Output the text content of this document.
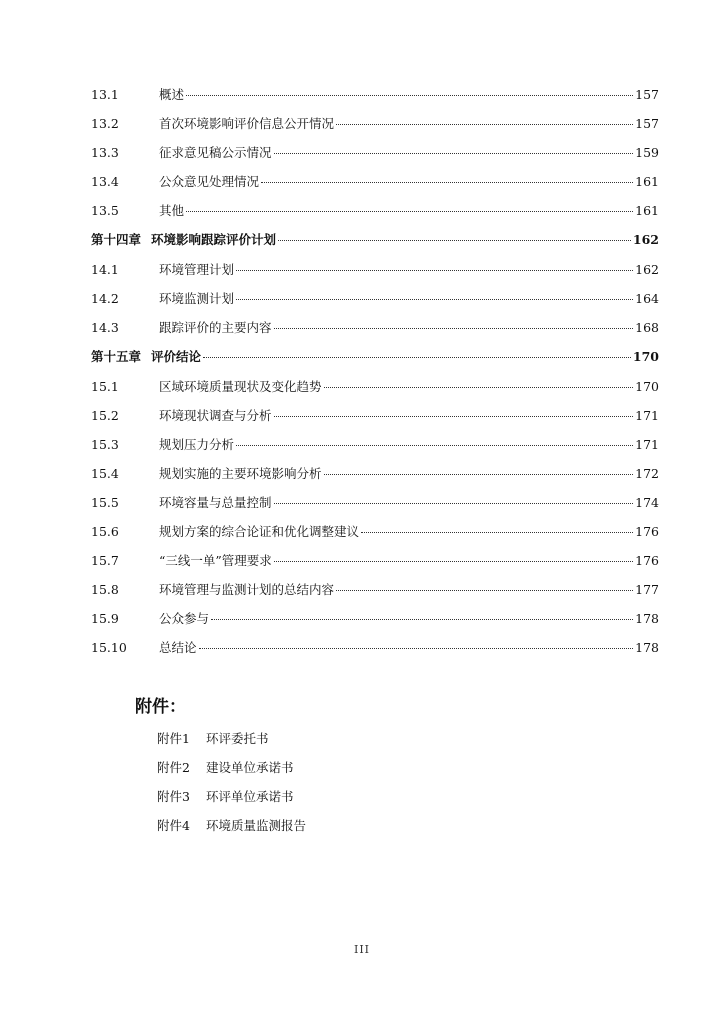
13.1	概述	157
13.2	首次环境影响评价信息公开情况	157
13.3	征求意见稿公示情况	159
13.4	公众意见处理情况	161
13.5	其他	161
第十四章 环境影响跟踪评价计划	162
14.1	环境管理计划	162
14.2	环境监测计划	164
14.3	跟踪评价的主要内容	168
第十五章 评价结论	170
15.1	区域环境质量现状及变化趋势	170
15.2	环境现状调查与分析	171
15.3	规划压力分析	171
15.4	规划实施的主要环境影响分析	172
15.5	环境容量与总量控制	174
15.6	规划方案的综合论证和优化调整建议	176
15.7	“三线一单”管理要求	176
15.8	环境管理与监测计划的总结内容	177
15.9	公众参与	178
15.10	总结论	178
附件：
附件1	环评委托书
附件2	建设单位承诺书
附件3	环评单位承诺书
附件4	环境质量监测报告
III
